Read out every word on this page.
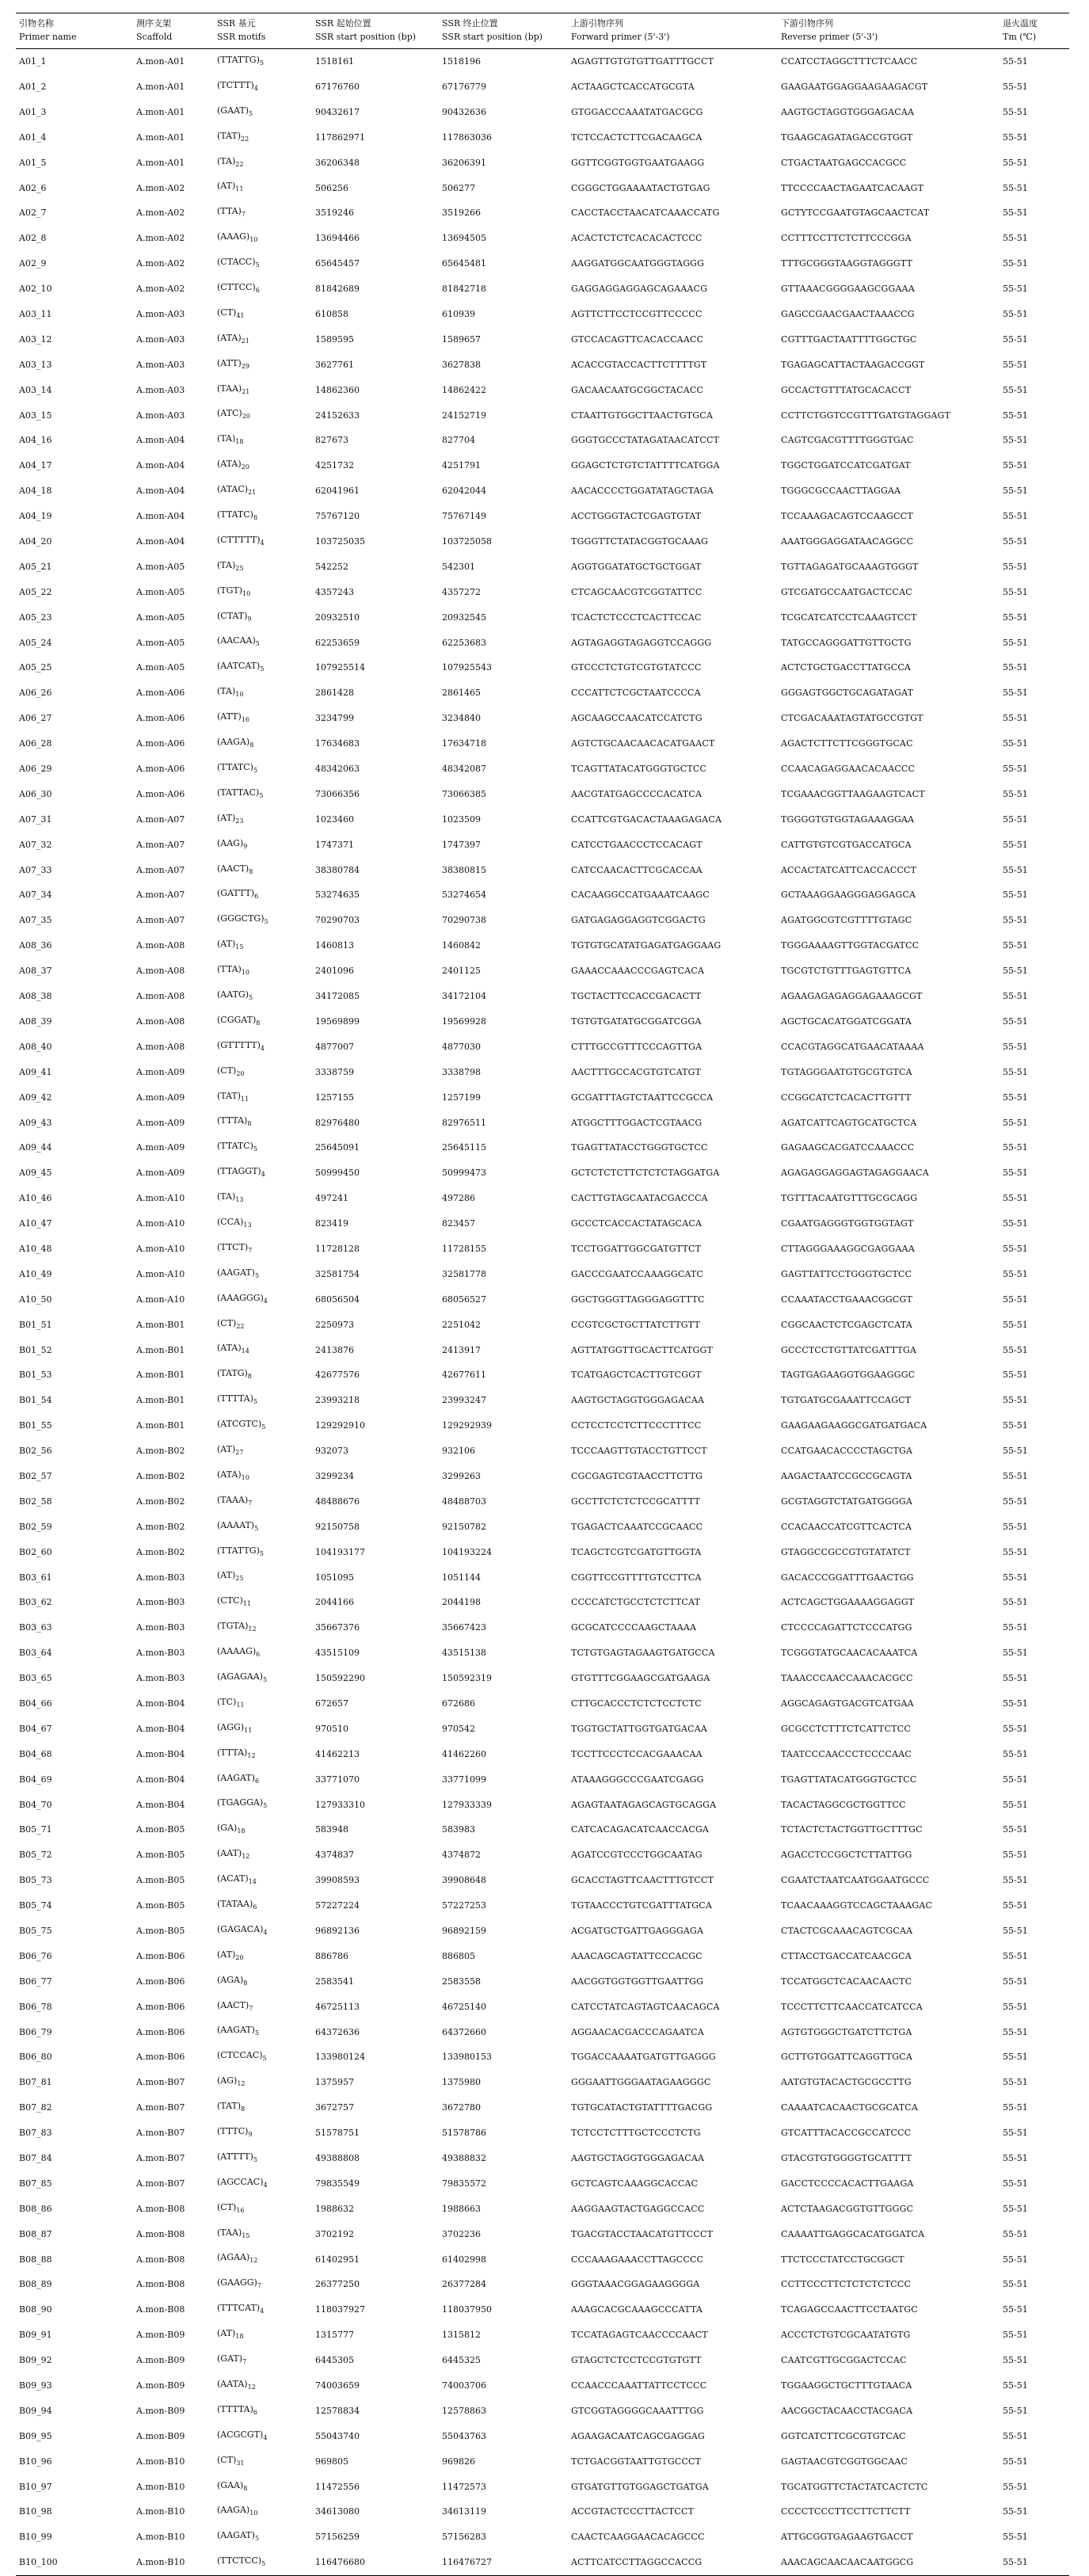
引物名称	测序支架	SSR 基元	SSR 起始位置	SSR 终止位置	上游引物序列	下游引物序列	退火温度
Primer name	Scaffold	SSR motifs	SSR start position (bp)	SSR start position (bp)	Forward primer (5'-3')	Reverse primer (5'-3')	Tm (℃)
A01_1	A.mon-A01	$(TTATTG)_5$	1518161	1518196	AGAGTTGTGTGTTGATTTGCCT	CCATCCTAGGCTTTCTCAACC	55-51
A01_2	A.mon-A01	$(TCTTT)_4$	67176760	67176779	ACTAAGCTCACCATGCGTA	GAAGAATGGAGGAAGAAGACGT	55-51
A01_3	A.mon-A01	$(GAAT)_5$	90432617	90432636	GTGGACCCAAATATGACGCG	AAGTGCTAGGTGGGAGACAA	55-51
A01_4	A.mon-A01	$(TAT)_{22}$	117862971	117863036	TCTCCACTCTTCGACAAGCA	TGAAGCAGATAGACCGTGGT	55-51
A01_5	A.mon-A01	$(TA)_{22}$	36206348	36206391	GGTTCGGTGGTGAATGAAGG	CTGACTAATGAGCCACGCC	55-51
A02_6	A.mon-A02	$(AT)_{11}$	506256	506277	CGGGCTGGAAAATACTGTGAG	TTCCCCAACTAGAATCACAAGT	55-51
A02_7	A.mon-A02	$(TTA)_7$	3519246	3519266	CACCTACCTAACATCAAACCATG	GCTYTCCGAATGTAGCAACTCAT	55-51
A02_8	A.mon-A02	$(AAAG)_{10}$	13694466	13694505	ACACTCTCTCACACACTCCC	CCTTTCCTTCTCTTCCCGGA	55-51
A02_9	A.mon-A02	$(CTACC)_5$	65645457	65645481	AAGGATGGCAATGGGTAGGG	TTTGCGGGTAAGGTAGGGTT	55-51
A02_10	A.mon-A02	$(CTTCC)_6$	81842689	81842718	GAGGAGGAGGAGCAGAAACG	GTTAAACGGGGAAGCGGAAA	55-51
A03_11	A.mon-A03	$(CT)_{41}$	610858	610939	AGTTCTTCCTCCGTTCCCCC	GAGCCGAACGAACTAAACCG	55-51
A03_12	A.mon-A03	$(ATA)_{21}$	1589595	1589657	GTCCACAGTTCACACCAACC	CGTTTGACTAATTTTGGCTGC	55-51
A03_13	A.mon-A03	$(ATT)_{29}$	3627761	3627838	ACACCGTACCACTTCTTTTGT	TGAGAGCATTACTAAGACCGGT	55-51
A03_14	A.mon-A03	$(TAA)_{21}$	14862360	14862422	GACAACAATGCGGCTACACC	GCCACTGTTTATGCACACCT	55-51
A03_15	A.mon-A03	$(ATC)_{20}$	24152633	24152719	CTAATTGTGGCTTAACTGTGCA	CCTTCTGGTCCGTTTGATGTAGGAGT	55-51
A04_16	A.mon-A04	$(TA)_{18}$	827673	827704	GGGTGCCCTATAGATAACATCCT	CAGTCGACGTTTTGGGTGAC	55-51
A04_17	A.mon-A04	$(ATA)_{20}$	4251732	4251791	GGAGCTCTGTCTATTTTCATGGA	TGGCTGGATCCATCGATGAT	55-51
A04_18	A.mon-A04	$(ATAC)_{21}$	62041961	62042044	AACACCCCTGGATATAGCTAGA	TGGGCGCCAACTTAGGAA	55-51
A04_19	A.mon-A04	$(TTATC)_8$	75767120	75767149	ACCTGGGTACTCGAGTGTAT	TCCAAAGACAGTCCAAGCCT	55-51
A04_20	A.mon-A04	$(CTTTTT)_4$	103725035	103725058	TGGGTTCTATACGGTGCAAAG	AAATGGGAGGATAACAGGCC	55-51
A05_21	A.mon-A05	$(TA)_{25}$	542252	542301	AGGTGGATATGCTGCTGGAT	TGTTAGAGATGCAAAGTGGGT	55-51
A05_22	A.mon-A05	$(TGT)_{10}$	4357243	4357272	CTCAGCAACGTCGGTATTCC	GTCGATGCCAATGACTCCAC	55-51
A05_23	A.mon-A05	$(CTAT)_9$	20932510	20932545	TCACTCTCCCTCACTTCCAC	TCGCATCATCCTCAAAGTCCT	55-51
A05_24	A.mon-A05	$(AACAA)_5$	62253659	62253683	AGTAGAGGTAGAGGTCCAGGG	TATGCCAGGGATTGTTGCTG	55-51
A05_25	A.mon-A05	$(AATCAT)_5$	107925514	107925543	GTCCCTCTGTCGTGTATCCC	ACTCTGCTGACCTTATGCCA	55-51
A06_26	A.mon-A06	$(TA)_{10}$	2861428	2861465	CCCATTCTCGCTAATCCCCA	GGGAGTGGCTGCAGATAGAT	55-51
A06_27	A.mon-A06	$(ATT)_{16}$	3234799	3234840	AGCAAGCCAACATCCATCTG	CTCGACAAATAGTATGCCGTGT	55-51
A06_28	A.mon-A06	$(AAGA)_8$	17634683	17634718	AGTCTGCAACAACACATGAACT	AGACTCTTCTTCGGGTGCAC	55-51
A06_29	A.mon-A06	$(TTATC)_5$	48342063	48342087	TCAGTTATACATGGGTGCTCC	CCAACAGAGGAACACAACCC	55-51
A06_30	A.mon-A06	$(TATTAC)_5$	73066356	73066385	AACGTATGAGCCCCACATCA	TCGAAACGGTTAAGAAGTCACT	55-51
A07_31	A.mon-A07	$(AT)_{23}$	1023460	1023509	CCATTCGTGACACTAAAGAGACA	TGGGGTGTGGTAGAAAGGAA	55-51
A07_32	A.mon-A07	$(AAG)_9$	1747371	1747397	CATCCTGAACCCTCCACAGT	CATTGTGTCGTGACCATGCA	55-51
A07_33	A.mon-A07	$(AACT)_8$	38380784	38380815	CATCCAACACTTCGCACCAA	ACCACTATCATTCACCACCCT	55-51
A07_34	A.mon-A07	$(GATTT)_6$	53274635	53274654	CACAAGGCCATGAAATCAAGC	GCTAAAGGAAGGGAGGAGCA	55-51
A07_35	A.mon-A07	$(GGGCTG)_5$	70290703	70290738	GATGAGAGGAGGTCGGACTG	AGATGGCGTCGTTTTGTAGC	55-51
A08_36	A.mon-A08	$(AT)_{15}$	1460813	1460842	TGTGTGCATATGAGATGAGGAAG	TGGGAAAAGTTGGTACGATCC	55-51
A08_37	A.mon-A08	$(TTA)_{10}$	2401096	2401125	GAAACCAAACCCGAGTCACA	TGCGTCTGTTTGAGTGTTCA	55-51
A08_38	A.mon-A08	$(AATG)_5$	34172085	34172104	TGCTACTTCCACCGACACTT	AGAAGAGAGAGGAGAAAGCGT	55-51
A08_39	A.mon-A08	$(CGGAT)_8$	19569899	19569928	TGTGTGATATGCGGATCGGA	AGCTGCACATGGATCGGATA	55-51
A08_40	A.mon-A08	$(GTTTTT)_4$	4877007	4877030	CTTTGCCGTTTCCCAGTTGA	CCACGTAGGCATGAACATAAAA	55-51
A09_41	A.mon-A09	$(CT)_{20}$	3338759	3338798	AACTTTGCCACGTGTCATGT	TGTAGGGAATGTGCGTGTCA	55-51
A09_42	A.mon-A09	$(TAT)_{11}$	1257155	1257199	GCGATTTAGTCTAATTCCGCCA	CCGGCATCTCACACTTGTTT	55-51
A09_43	A.mon-A09	$(TTTA)_8$	82976480	82976511	ATGGCTTTGGACTCGTAACG	AGATCATTCAGTGCATGCTCA	55-51
A09_44	A.mon-A09	$(TTATC)_5$	25645091	25645115	TGAGTTATACCTGGGTGCTCC	GAGAAGCACGATCCAAACCC	55-51
A09_45	A.mon-A09	$(TTAGGT)_4$	50999450	50999473	GCTCTCTCTTCTCTCTAGGATGA	AGAGAGGAGGAGTAGAGGAACA	55-51
A10_46	A.mon-A10	$(TA)_{13}$	497241	497286	CACTTGTAGCAATACGACCCA	TGTTTACAATGTTTGCGCAGG	55-51
A10_47	A.mon-A10	$(CCA)_{13}$	823419	823457	GCCCTCACCACTATAGCACA	CGAATGAGGGTGGTGGTAGT	55-51
A10_48	A.mon-A10	$(TTCT)_7$	11728128	11728155	TCCTGGATTGGCGATGTTCT	CTTAGGGAAAGGCGAGGAAA	55-51
A10_49	A.mon-A10	$(AAGAT)_5$	32581754	32581778	GACCCGAATCCAAAGGCATC	GAGTTATTCCTGGGTGCTCC	55-51
A10_50	A.mon-A10	$(AAAGGG)_4$	68056504	68056527	GGCTGGGTTAGGGAGGTTTC	CCAAATACCTGAAACGGCGT	55-51
B01_51	A.mon-B01	$(CT)_{22}$	2250973	2251042	CCGTCGCTGCTTATCTTGTT	CGGCAACTCTCGAGCTCATA	55-51
B01_52	A.mon-B01	$(ATA)_{14}$	2413876	2413917	AGTTATGGTTGCACTTCATGGT	GCCCTCCTGTTATCGATTTGA	55-51
B01_53	A.mon-B01	$(TATG)_8$	42677576	42677611	TCATGAGCTCACTTGTCGGT	TAGTGAGAAGGTGGAAGGGC	55-51
B01_54	A.mon-B01	$(TTTTA)_5$	23993218	23993247	AAGTGCTAGGTGGGAGACAA	TGTGATGCGAAATTCCAGCT	55-51
B01_55	A.mon-B01	$(ATCGTC)_5$	129292910	129292939	CCTCCTCCTCTTCCCTTTCC	GAAGAAGAAGGCGATGATGACA	55-51
B02_56	A.mon-B02	$(AT)_{27}$	932073	932106	TCCCAAGTTGTACCTGTTCCT	CCATGAACACCCCTAGCTGA	55-51
B02_57	A.mon-B02	$(ATA)_{10}$	3299234	3299263	CGCGAGTCGTAACCTTCTTG	AAGACTAATCCGCCGCAGTA	55-51
B02_58	A.mon-B02	$(TAAA)_7$	48488676	48488703	GCCTTCTCTCTCCGCATTTT	GCGTAGGTCTATGATGGGGA	55-51
B02_59	A.mon-B02	$(AAAAT)_5$	92150758	92150782	TGAGACTCAAATCCGCAACC	CCACAACCATCGTTCACTCA	55-51
B02_60	A.mon-B02	$(TTATTG)_5$	104193177	104193224	TCAGCTCGTCGATGTTGGTA	GTAGGCCGCCGTGTATATCT	55-51
B03_61	A.mon-B03	$(AT)_{25}$	1051095	1051144	CGGTTCCGTTTTGTCCTTCA	GACACCCGGATTTGAACTGG	55-51
B03_62	A.mon-B03	$(CTC)_{11}$	2044166	2044198	CCCCATCTGCCTCTCTTCAT	ACTCAGCTGGAAAAGGAGGT	55-51
B03_63	A.mon-B03	$(TGTA)_{12}$	35667376	35667423	GCGCATCCCCAAGCTAAAA	CTCCCCAGATTCTCCCATGG	55-51
B03_64	A.mon-B03	$(AAAAG)_6$	43515109	43515138	TCTGTGAGTAGAAGTGATGCCA	TCGGGTATGCAACACAAATCA	55-51
B03_65	A.mon-B03	$(AGAGAA)_5$	150592290	150592319	GTGTTTCGGAAGCGATGAAGA	TAAACCCAACCAAACACGCC	55-51
B04_66	A.mon-B04	$(TC)_{11}$	672657	672686	CTTGCACCCTCTCTCCTCTC	AGGCAGAGTGACGTCATGAA	55-51
B04_67	A.mon-B04	$(AGG)_{11}$	970510	970542	TGGTGCTATTGGTGATGACAA	GCGCCTCTTTCTCATTCTCC	55-51
B04_68	A.mon-B04	$(TTTA)_{12}$	41462213	41462260	TCCTTCCCTCCACGAAACAA	TAATCCCAACCCTCCCCAAC	55-51
B04_69	A.mon-B04	$(AAGAT)_6$	33771070	33771099	ATAAAGGGCCCGAATCGAGG	TGAGTTATACATGGGTGCTCC	55-51
B04_70	A.mon-B04	$(TGAGGA)_5$	127933310	127933339	AGAGTAATAGAGCAGTGCAGGA	TACACTAGGCGCTGGTTCC	55-51
B05_71	A.mon-B05	$(GA)_{18}$	583948	583983	CATCACAGACATCAACCACGA	TCTACTCTACTGGTTGCTTTGC	55-51
B05_72	A.mon-B05	$(AAT)_{12}$	4374837	4374872	AGATCCGTCCCTGGCAATAG	AGACCTCCGGCTCTTATTGG	55-51
B05_73	A.mon-B05	$(ACAT)_{14}$	39908593	39908648	GCACCTAGTTCAACTTTGTCCT	CGAATCTAATCAATGGAATGCCC	55-51
B05_74	A.mon-B05	$(TATAA)_6$	57227224	57227253	TGTAACCCTGTCGATTTATGCA	TCAACAAAGGTCCAGCTAAAGAC	55-51
B05_75	A.mon-B05	$(GAGACA)_4$	96892136	96892159	ACGATGCTGATTGAGGGAGA	CTACTCGCAAACAGTCGCAA	55-51
B06_76	A.mon-B06	$(AT)_{20}$	886786	886805	AAACAGCAGTATTCCCACGC	CTTACCTGACCATCAACGCA	55-51
B06_77	A.mon-B06	$(AGA)_8$	2583541	2583558	AACGGTGGTGGTTGAATTGG	TCCATGGCTCACAACAACTC	55-51
B06_78	A.mon-B06	$(AACT)_7$	46725113	46725140	CATCCTATCAGTAGTCAACAGCA	TCCCTTCTTCAACCATCATCCA	55-51
B06_79	A.mon-B06	$(AAGAT)_5$	64372636	64372660	AGGAACACGACCCAGAATCA	AGTGTGGGCTGATCTTCTGA	55-51
B06_80	A.mon-B06	$(CTCCAC)_5$	133980124	133980153	TGGACCAAAATGATGTTGAGGG	GCTTGTGGATTCAGGTTGCA	55-51
B07_81	A.mon-B07	$(AG)_{12}$	1375957	1375980	GGGAATTGGGAATAGAAGGGC	AATGTGTACACTGCGCCTTG	55-51
B07_82	A.mon-B07	$(TAT)_8$	3672757	3672780	TGTGCATACTGTATTTTGACGG	CAAAATCACAACTGCGCATCA	55-51
B07_83	A.mon-B07	$(TTTC)_9$	51578751	51578786	TCTCCTCTTTGCTCCCTCTG	GTCATTTACACCGCCATCCC	55-51
B07_84	A.mon-B07	$(ATTTT)_5$	49388808	49388832	AAGTGCTAGGTGGGAGACAA	GTACGTGTGGGGTGCATTTT	55-51
B07_85	A.mon-B07	$(AGCCAC)_4$	79835549	79835572	GCTCAGTCAAAGGCACCAC	GACCTCCCCACACTTGAAGA	55-51
B08_86	A.mon-B08	$(CT)_{16}$	1988632	1988663	AAGGAAGTACTGAGGCCACC	ACTCTAAGACGGTGTTGGGC	55-51
B08_87	A.mon-B08	$(TAA)_{15}$	3702192	3702236	TGACGTACCTAACATGTTCCCT	CAAAATTGAGGCACATGGATCA	55-51
B08_88	A.mon-B08	$(AGAA)_{12}$	61402951	61402998	CCCAAAGAAACCTTAGCCCC	TTCTCCCTATCCTGCGGCT	55-51
B08_89	A.mon-B08	$(GAAGG)_7$	26377250	26377284	GGGTAAACGGAGAAGGGGA	CCTTCCCTTCTCTCTCTCCC	55-51
B08_90	A.mon-B08	$(TTTCAT)_4$	118037927	118037950	AAAGCACGCAAAGCCCATTA	TCAGAGCCAACTTCCTAATGC	55-51
B09_91	A.mon-B09	$(AT)_{18}$	1315777	1315812	TCCATAGAGTCAACCCCAACT	ACCCTCTGTCGCAATATGTG	55-51
B09_92	A.mon-B09	$(GAT)_7$	6445305	6445325	GTAGCTCTCCTCCGTGTGTT	CAATCGTTGCGGACTCCAC	55-51
B09_93	A.mon-B09	$(AATA)_{12}$	74003659	74003706	CCAACCCAAATTATTCCTCCC	TGGAAGGCTGCTTTGTAACA	55-51
B09_94	A.mon-B09	$(TTTTA)_6$	12578834	12578863	GTCGGTAGGGGCAAATTTGG	AACGGCTACAACCTACGACA	55-51
B09_95	A.mon-B09	$(ACGCGT)_4$	55043740	55043763	AGAAGACAATCAGCGAGGAG	GGTCATCTTCGCGTGTCAC	55-51
B10_96	A.mon-B10	$(CT)_{31}$	969805	969826	TCTGACGGTAATTGTGCCCT	GAGTAACGTCGGTGGCAAC	55-51
B10_97	A.mon-B10	$(GAA)_8$	11472556	11472573	GTGATGTTGTGGAGCTGATGA	TGCATGGTTCTACTATCACTCTC	55-51
B10_98	A.mon-B10	$(AAGA)_{10}$	34613080	34613119	ACCGTACTCCCTTACTCCT	CCCCTCCCTTCCTTCTTCTT	55-51
B10_99	A.mon-B10	$(AAGAT)_5$	57156259	57156283	CAACTCAAGGAACACAGCCC	ATTGCGGTGAGAAGTGACCT	55-51
B10_100	A.mon-B10	$(TTCTCC)_5$	116476680	116476727	ACTTCATCCTTAGGCCACCG	AAACAGCAACAACAATGGCG	55-51
